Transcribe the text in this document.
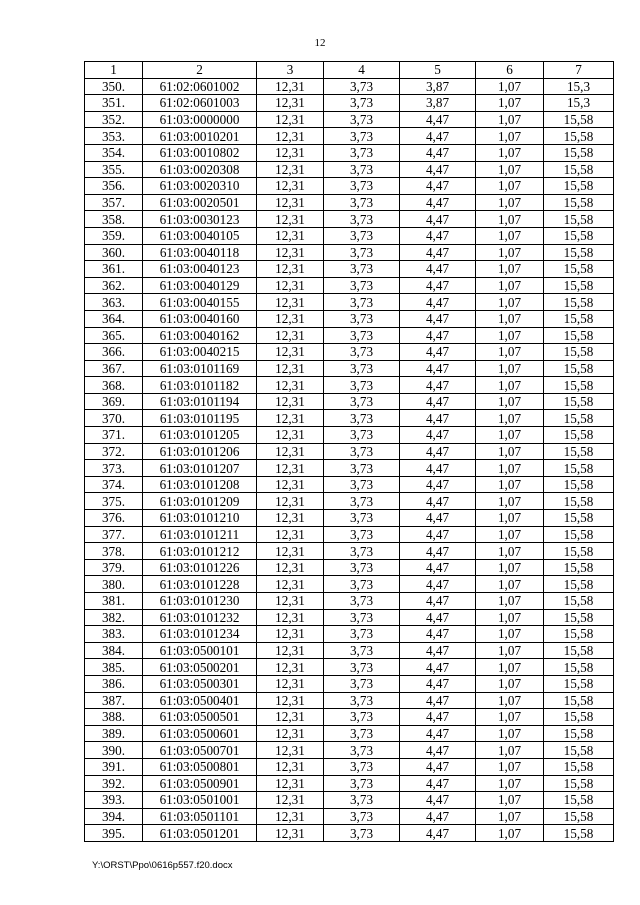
12
1	2	3	4	5	6	7
350.	61:02:0601002	12,31	3,73	3,87	1,07	15,3
351.	61:02:0601003	12,31	3,73	3,87	1,07	15,3
352.	61:03:0000000	12,31	3,73	4,47	1,07	15,58
353.	61:03:0010201	12,31	3,73	4,47	1,07	15,58
354.	61:03:0010802	12,31	3,73	4,47	1,07	15,58
355.	61:03:0020308	12,31	3,73	4,47	1,07	15,58
356.	61:03:0020310	12,31	3,73	4,47	1,07	15,58
357.	61:03:0020501	12,31	3,73	4,47	1,07	15,58
358.	61:03:0030123	12,31	3,73	4,47	1,07	15,58
359.	61:03:0040105	12,31	3,73	4,47	1,07	15,58
360.	61:03:0040118	12,31	3,73	4,47	1,07	15,58
361.	61:03:0040123	12,31	3,73	4,47	1,07	15,58
362.	61:03:0040129	12,31	3,73	4,47	1,07	15,58
363.	61:03:0040155	12,31	3,73	4,47	1,07	15,58
364.	61:03:0040160	12,31	3,73	4,47	1,07	15,58
365.	61:03:0040162	12,31	3,73	4,47	1,07	15,58
366.	61:03:0040215	12,31	3,73	4,47	1,07	15,58
367.	61:03:0101169	12,31	3,73	4,47	1,07	15,58
368.	61:03:0101182	12,31	3,73	4,47	1,07	15,58
369.	61:03:0101194	12,31	3,73	4,47	1,07	15,58
370.	61:03:0101195	12,31	3,73	4,47	1,07	15,58
371.	61:03:0101205	12,31	3,73	4,47	1,07	15,58
372.	61:03:0101206	12,31	3,73	4,47	1,07	15,58
373.	61:03:0101207	12,31	3,73	4,47	1,07	15,58
374.	61:03:0101208	12,31	3,73	4,47	1,07	15,58
375.	61:03:0101209	12,31	3,73	4,47	1,07	15,58
376.	61:03:0101210	12,31	3,73	4,47	1,07	15,58
377.	61:03:0101211	12,31	3,73	4,47	1,07	15,58
378.	61:03:0101212	12,31	3,73	4,47	1,07	15,58
379.	61:03:0101226	12,31	3,73	4,47	1,07	15,58
380.	61:03:0101228	12,31	3,73	4,47	1,07	15,58
381.	61:03:0101230	12,31	3,73	4,47	1,07	15,58
382.	61:03:0101232	12,31	3,73	4,47	1,07	15,58
383.	61:03:0101234	12,31	3,73	4,47	1,07	15,58
384.	61:03:0500101	12,31	3,73	4,47	1,07	15,58
385.	61:03:0500201	12,31	3,73	4,47	1,07	15,58
386.	61:03:0500301	12,31	3,73	4,47	1,07	15,58
387.	61:03:0500401	12,31	3,73	4,47	1,07	15,58
388.	61:03:0500501	12,31	3,73	4,47	1,07	15,58
389.	61:03:0500601	12,31	3,73	4,47	1,07	15,58
390.	61:03:0500701	12,31	3,73	4,47	1,07	15,58
391.	61:03:0500801	12,31	3,73	4,47	1,07	15,58
392.	61:03:0500901	12,31	3,73	4,47	1,07	15,58
393.	61:03:0501001	12,31	3,73	4,47	1,07	15,58
394.	61:03:0501101	12,31	3,73	4,47	1,07	15,58
395.	61:03:0501201	12,31	3,73	4,47	1,07	15,58
Y:\ORST\Ppo\0616p557.f20.docx
